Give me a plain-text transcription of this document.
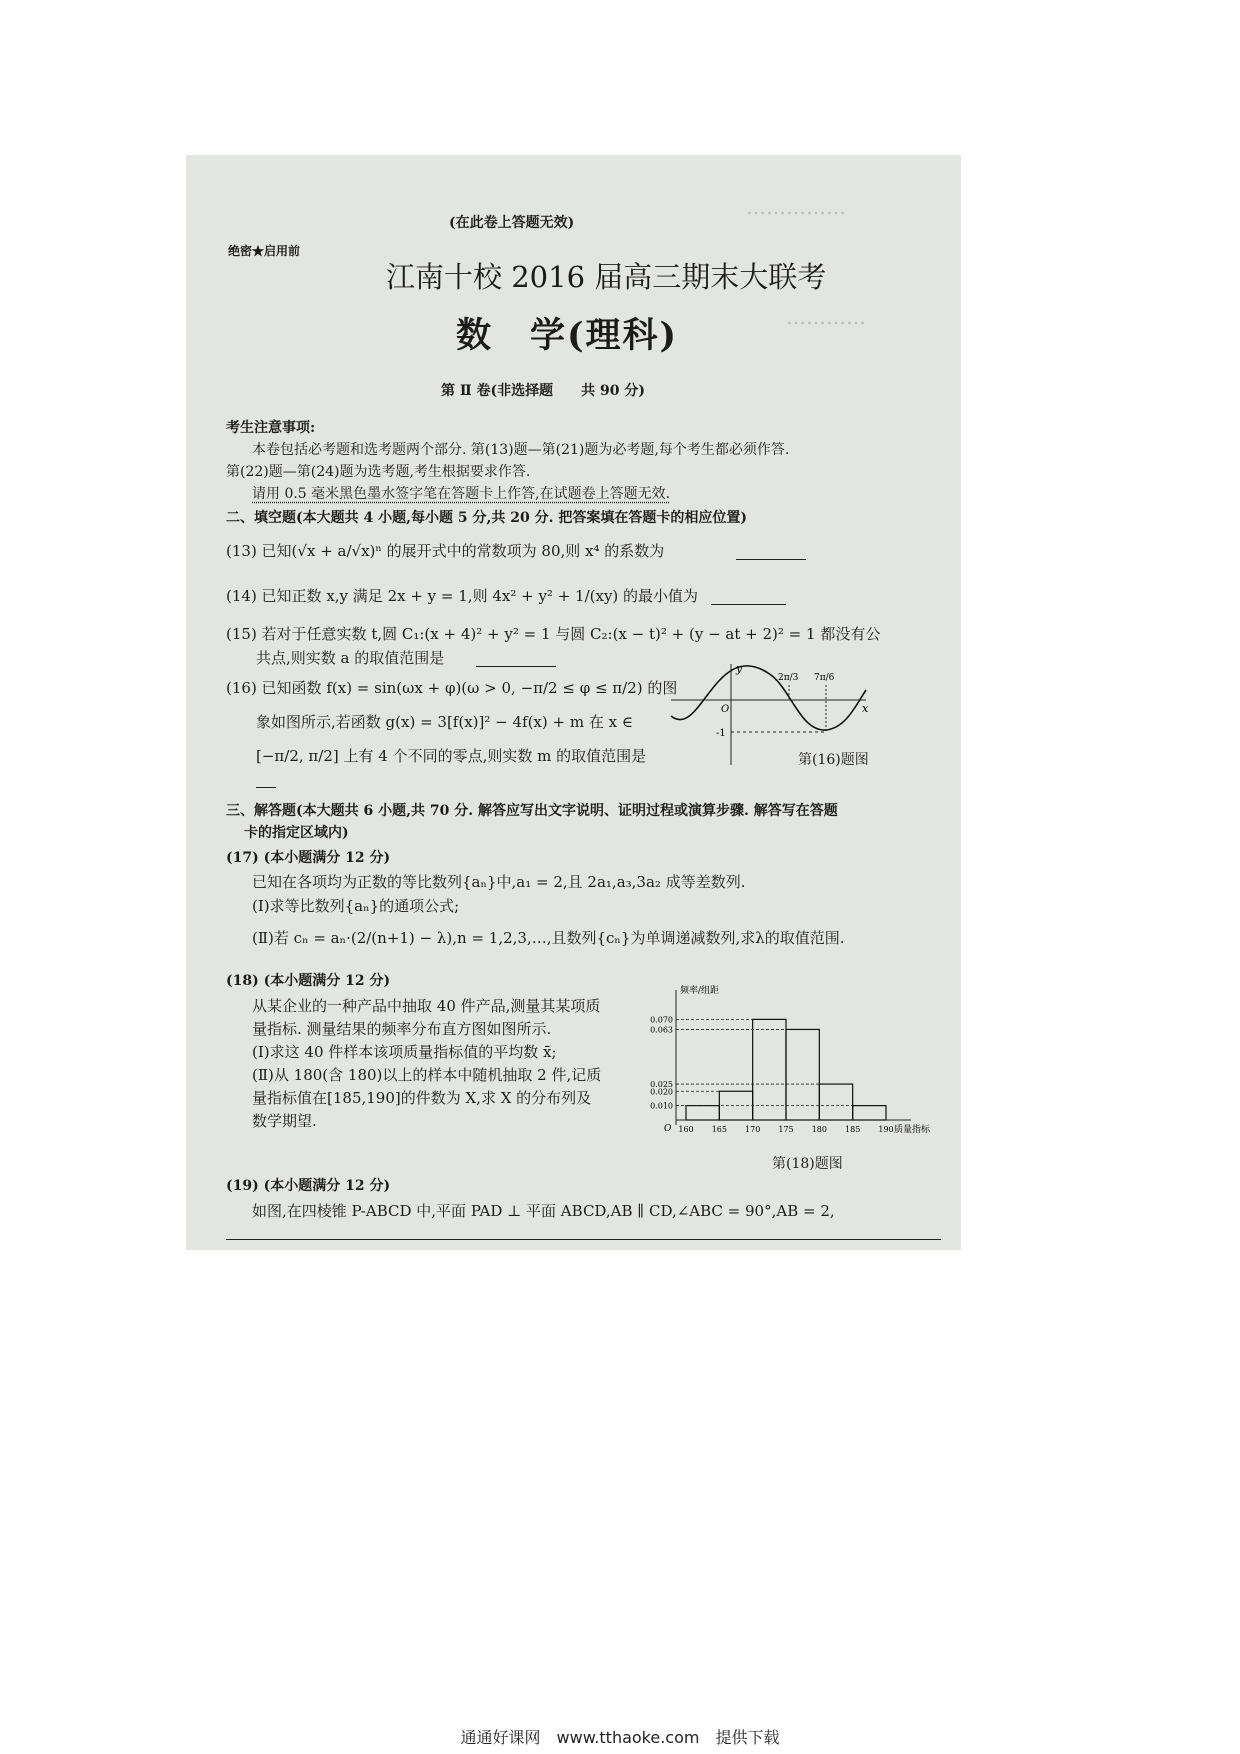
……………
…………
(在此卷上答题无效)
绝密★启用前
江南十校 2016 届高三期末大联考
数　学(理科)
第 Ⅱ 卷(非选择题　　共 90 分)
考生注意事项:
本卷包括必考题和选考题两个部分. 第(13)题—第(21)题为必考题,每个考生都必须作答.
第(22)题—第(24)题为选考题,考生根据要求作答.
请用 0.5 毫米黑色墨水签字笔在答题卡上作答,在试题卷上答题无效.
二、填空题(本大题共 4 小题,每小题 5 分,共 20 分. 把答案填在答题卡的相应位置)
(13) 已知(√x + a/√x)ⁿ 的展开式中的常数项为 80,则 x⁴ 的系数为
(14) 已知正数 x,y 满足 2x + y = 1,则 4x² + y² + 1/(xy) 的最小值为
(15) 若对于任意实数 t,圆 C₁:(x + 4)² + y² = 1 与圆 C₂:(x − t)² + (y − at + 2)² = 1 都没有公
共点,则实数 a 的取值范围是
(16) 已知函数 f(x) = sin(ωx + φ)(ω > 0, −π/2 ≤ φ ≤ π/2) 的图
象如图所示,若函数 g(x) = 3[f(x)]² − 4f(x) + m 在 x ∈
[−π/2, π/2] 上有 4 个不同的零点,则实数 m 的取值范围是
y
x
O
-1
2π/3 7π/6
第(16)题图
三、解答题(本大题共 6 小题,共 70 分. 解答应写出文字说明、证明过程或演算步骤. 解答写在答题
卡的指定区域内)
(17) (本小题满分 12 分)
已知在各项均为正数的等比数列{aₙ}中,a₁ = 2,且 2a₁,a₃,3a₂ 成等差数列.
(Ⅰ)求等比数列{aₙ}的通项公式;
(Ⅱ)若 cₙ = aₙ·(2/(n+1) − λ),n = 1,2,3,…,且数列{cₙ}为单调递减数列,求λ的取值范围.
(18) (本小题满分 12 分)
从某企业的一种产品中抽取 40 件产品,测量其某项质
量指标. 测量结果的频率分布直方图如图所示.
(Ⅰ)求这 40 件样本该项质量指标值的平均数 x̄;
(Ⅱ)从 180(含 180)以上的样本中随机抽取 2 件,记质
量指标值在[185,190]的件数为 X,求 X 的分布列及
数学期望.
0.010
0.020
0.025
0.063
0.070
160 165 170 175 180 185 190
频率/组距
质量指标
O
第(18)题图
(19) (本小题满分 12 分)
如图,在四棱锥 P-ABCD 中,平面 PAD ⊥ 平面 ABCD,AB ∥ CD,∠ABC = 90°,AB = 2,
通通好课网　www.tthaoke.com　提供下载
